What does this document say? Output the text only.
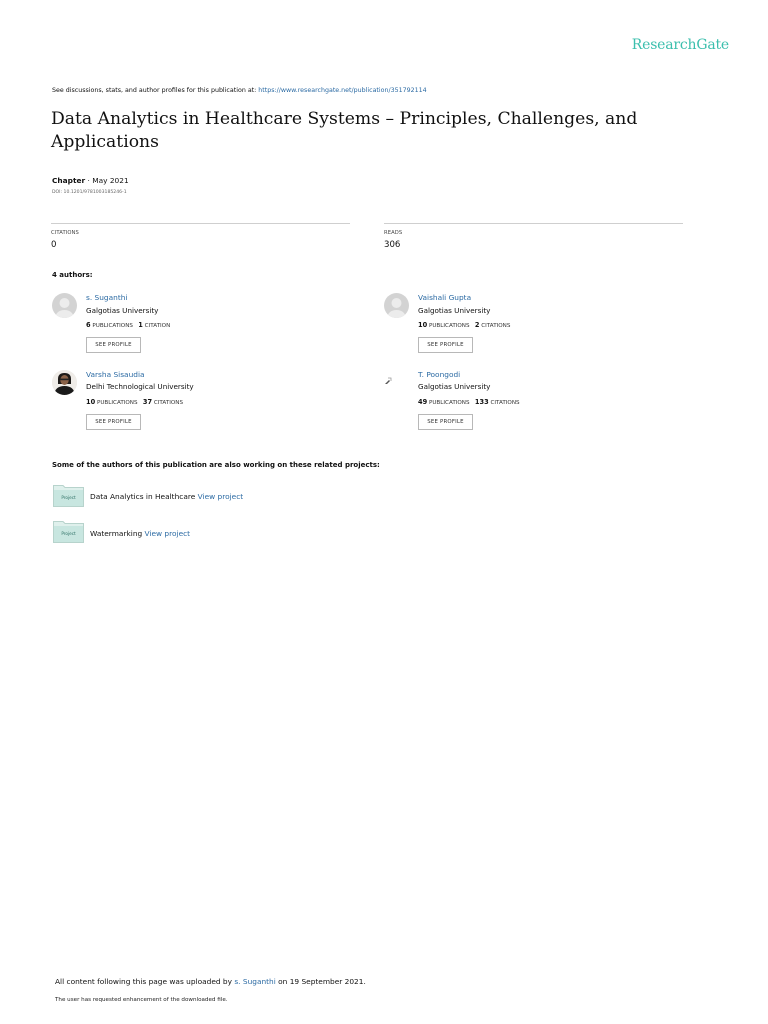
ResearchGate
See discussions, stats, and author profiles for this publication at: https://www.researchgate.net/publication/351792114
Data Analytics in Healthcare Systems – Principles, Challenges, and Applications
Chapter · May 2021
DOI: 10.1201/9781003185246-1
CITATIONS
0
READS
306
4 authors:
s. Suganthi
Galgotias University
6 PUBLICATIONS 1 CITATION
SEE PROFILE
Vaishali Gupta
Galgotias University
10 PUBLICATIONS 2 CITATIONS
SEE PROFILE
Varsha Sisaudia
Delhi Technological University
10 PUBLICATIONS 37 CITATIONS
SEE PROFILE
T. Poongodi
Galgotias University
49 PUBLICATIONS 133 CITATIONS
SEE PROFILE
Some of the authors of this publication are also working on these related projects:
Project	Data Analytics in Healthcare View project
Project	Watermarking View project
All content following this page was uploaded by s. Suganthi on 19 September 2021.
The user has requested enhancement of the downloaded file.
